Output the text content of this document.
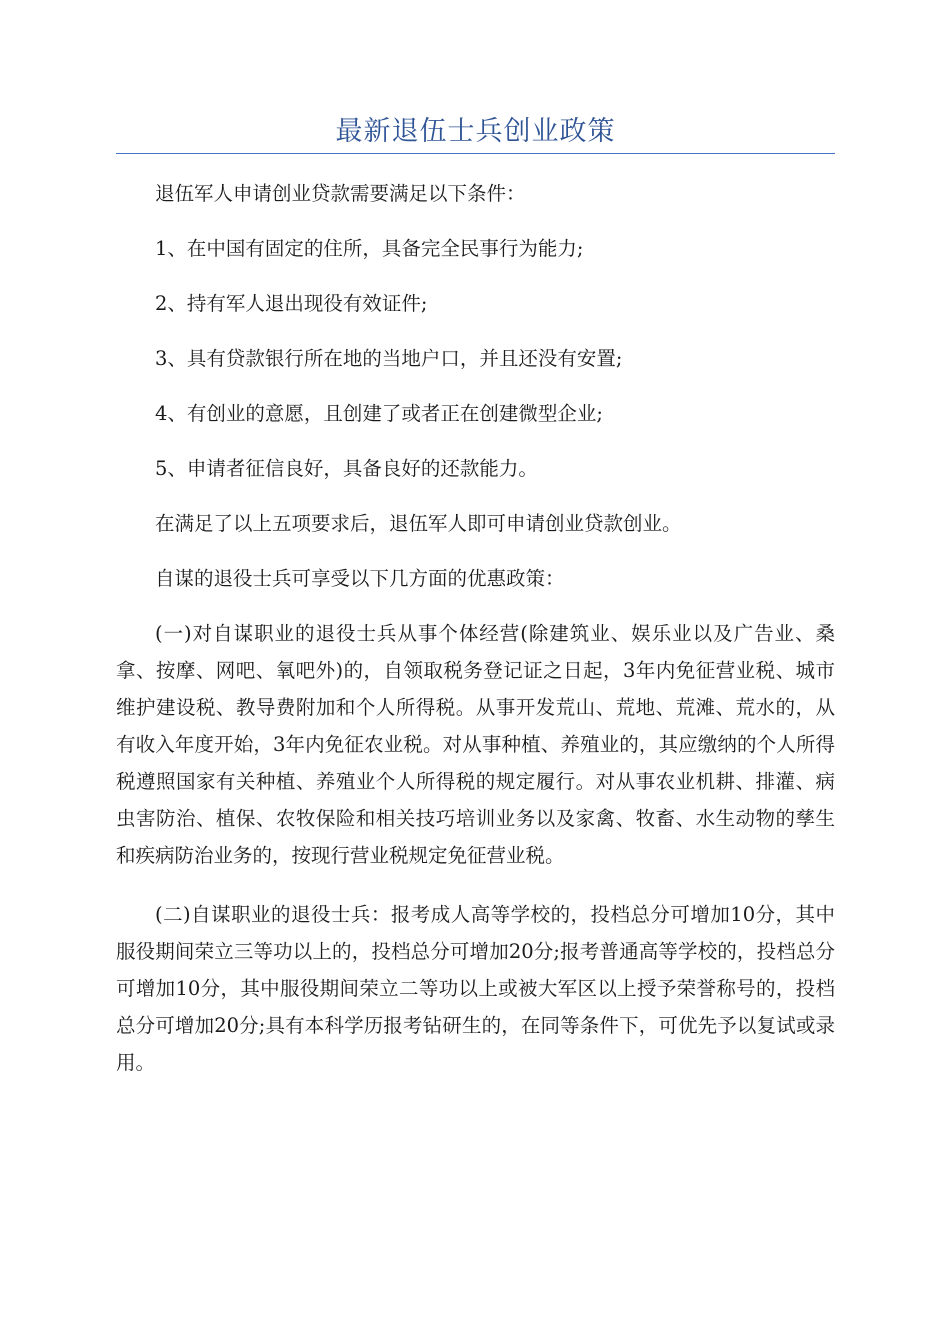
最新退伍士兵创业政策

退伍军人申请创业贷款需要满足以下条件：

1、在中国有固定的住所，具备完全民事行为能力;

2、持有军人退出现役有效证件;

3、具有贷款银行所在地的当地户口，并且还没有安置;

4、有创业的意愿，且创建了或者正在创建微型企业;

5、申请者征信良好，具备良好的还款能力。

在满足了以上五项要求后，退伍军人即可申请创业贷款创业。

自谋的退役士兵可享受以下几方面的优惠政策：

(一)对自谋职业的退役士兵从事个体经营(除建筑业、娱乐业以及广告业、桑拿、按摩、网吧、氧吧外)的，自领取税务登记证之日起，3年内免征营业税、城市维护建设税、教导费附加和个人所得税。从事开发荒山、荒地、荒滩、荒水的，从有收入年度开始，3年内免征农业税。对从事种植、养殖业的，其应缴纳的个人所得税遵照国家有关种植、养殖业个人所得税的规定履行。对从事农业机耕、排灌、病虫害防治、植保、农牧保险和相关技巧培训业务以及家禽、牧畜、水生动物的孳生和疾病防治业务的，按现行营业税规定免征营业税。

(二)自谋职业的退役士兵：报考成人高等学校的，投档总分可增加10分，其中服役期间荣立三等功以上的，投档总分可增加20分;报考普通高等学校的，投档总分可增加10分，其中服役期间荣立二等功以上或被大军区以上授予荣誉称号的，投档总分可增加20分;具有本科学历报考钻研生的，在同等条件下，可优先予以复试或录用。
